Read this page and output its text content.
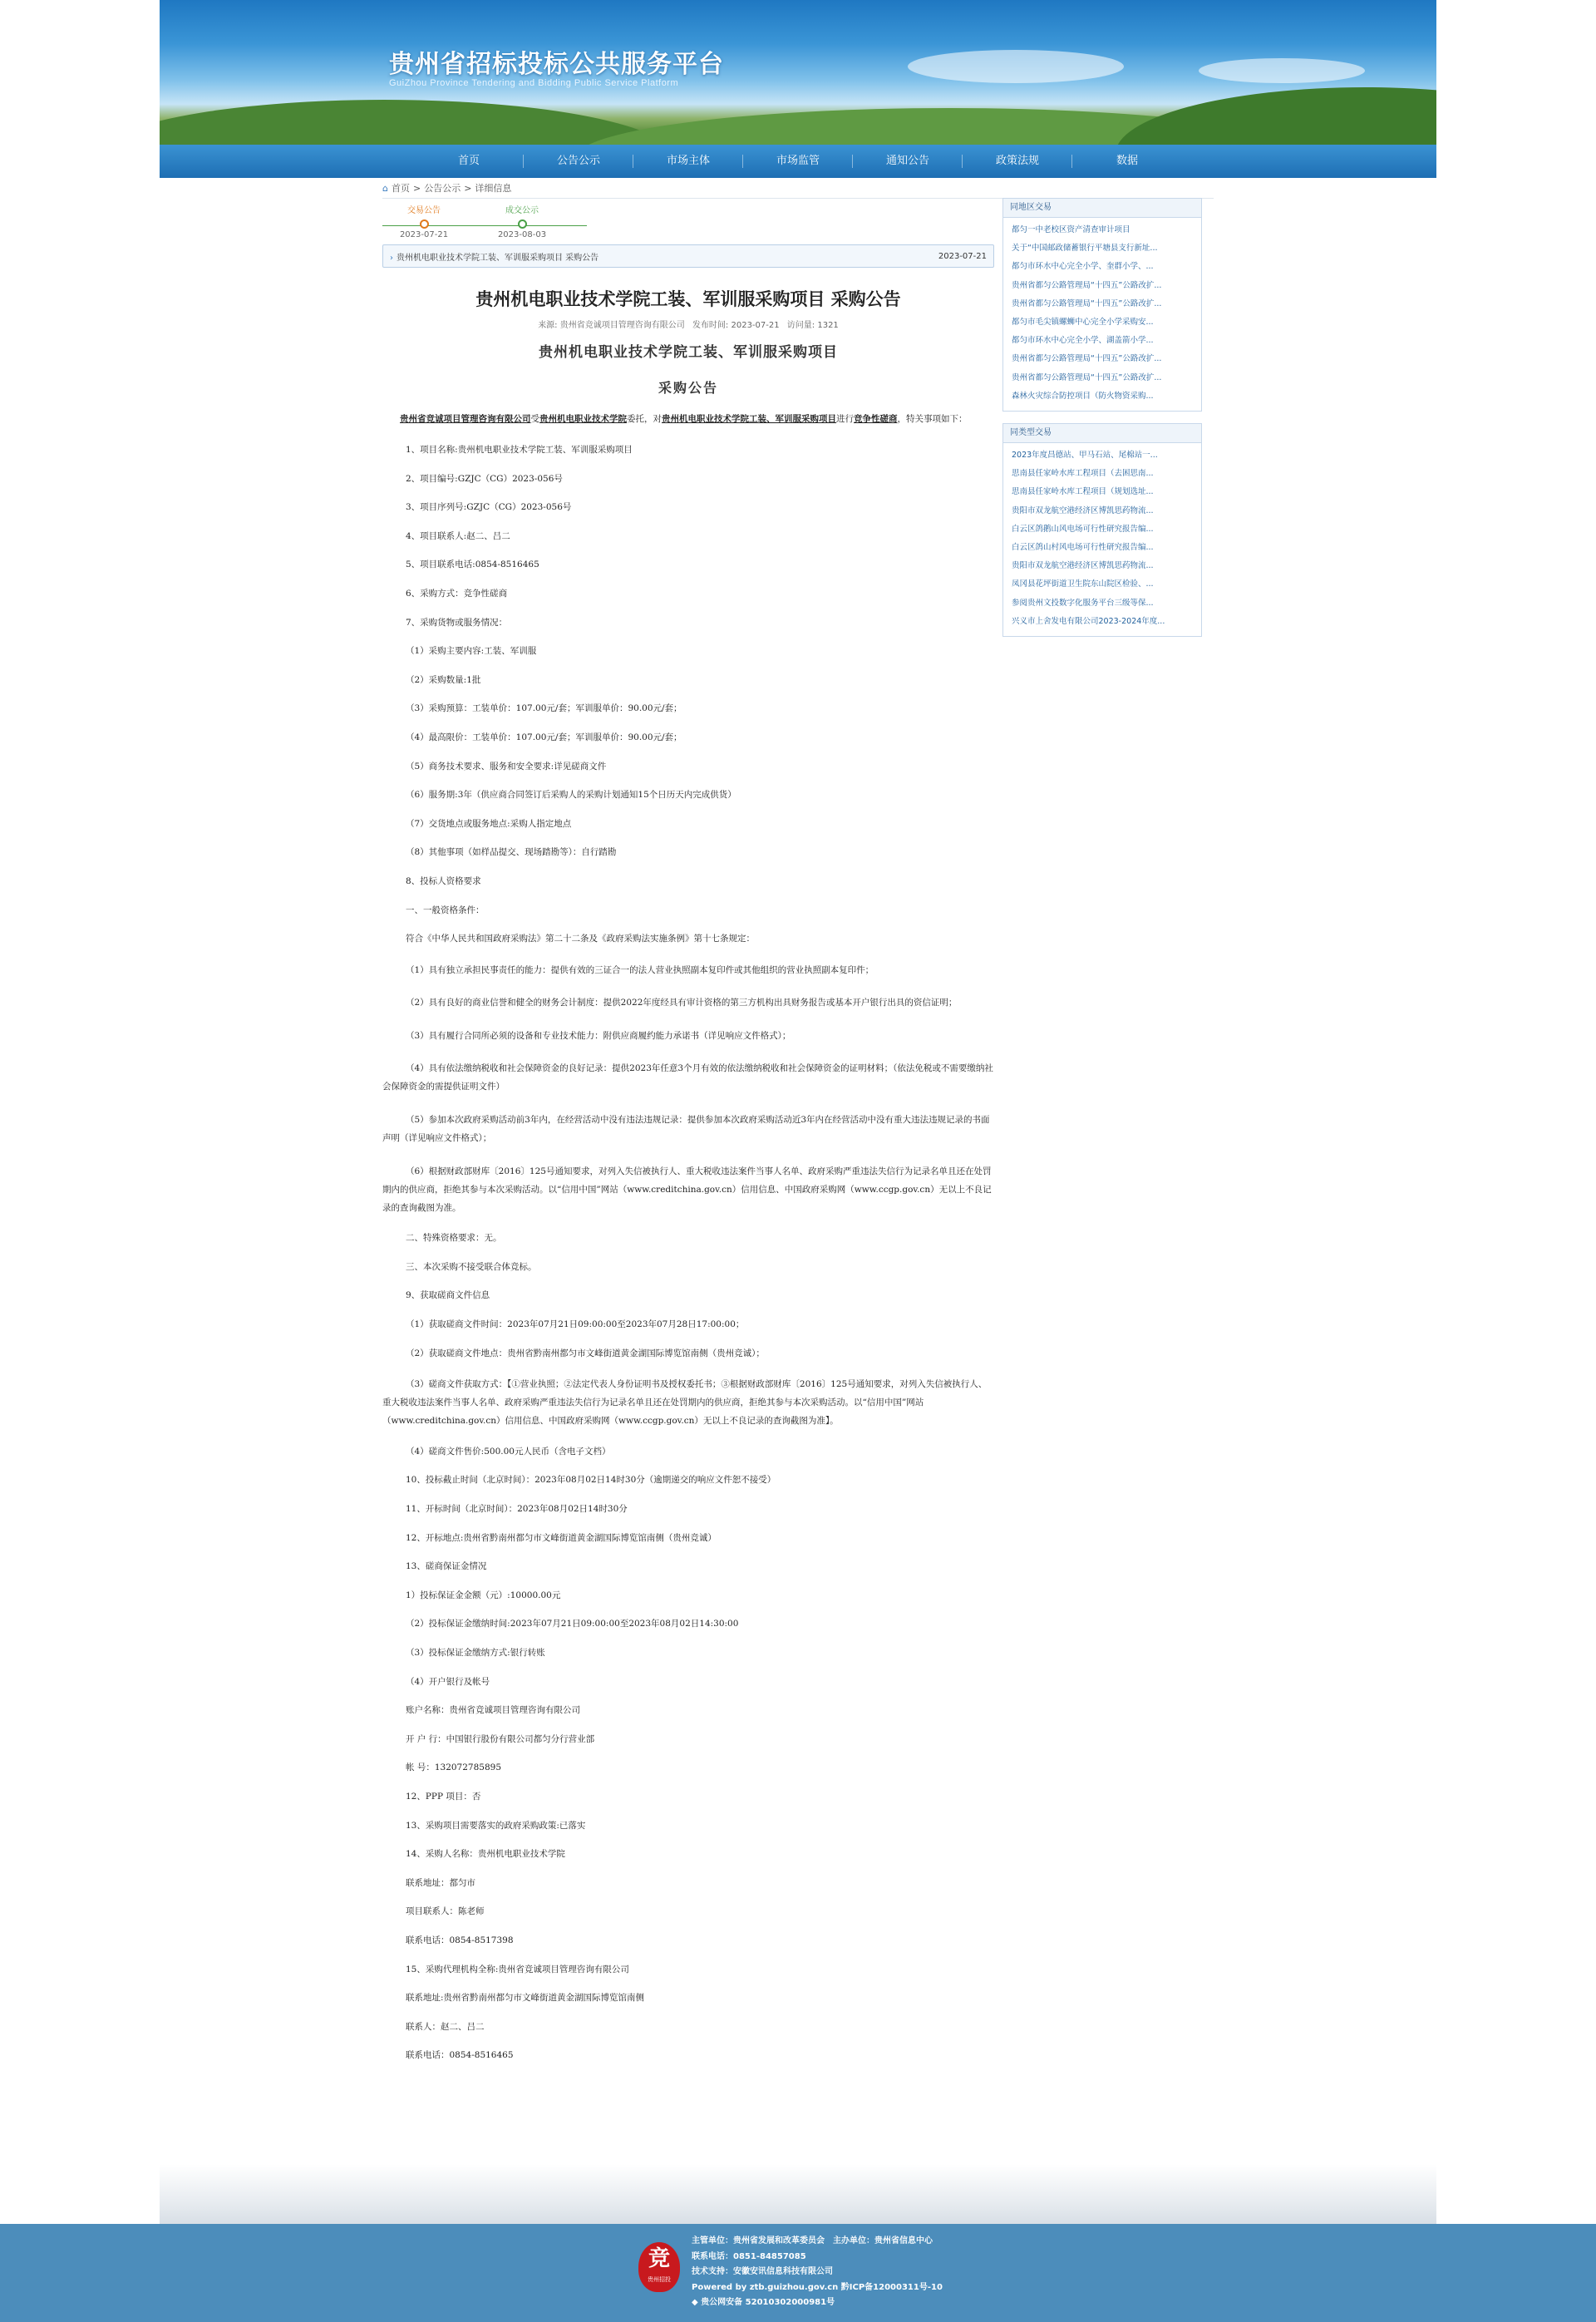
贵州省招标投标公共服务平台
GuiZhou Province Tendering and Bidding Public Service Platform
首页	公告公示	市场主体	市场监管	通知公告	政策法规	数据
⌂ 首页 > 公告公示 > 详细信息
交易公告
2023-07-21
成交公示
2023-08-03
› 贵州机电职业技术学院工装、军训服采购项目 采购公告	2023-07-21
贵州机电职业技术学院工装、军训服采购项目 采购公告
来源: 贵州省竞诚项目管理咨询有限公司 发布时间: 2023-07-21 访问量: 1321
贵州机电职业技术学院工装、军训服采购项目
采购公告

贵州省竞诚项目管理咨询有限公司受贵州机电职业技术学院委托，对贵州机电职业技术学院工装、军训服采购项目进行竞争性磋商，特关事项如下：

1、项目名称:贵州机电职业技术学院工装、军训服采购项目
2、项目编号:GZJC（CG）2023-056号
3、项目序列号:GZJC（CG）2023-056号
4、项目联系人:赵二、吕二
5、项目联系电话:0854-8516465
6、采购方式：竞争性磋商
7、采购货物或服务情况：
（1）采购主要内容:工装、军训服
（2）采购数量:1批
（3）采购预算：工装单价：107.00元/套；军训服单价：90.00元/套；
（4）最高限价：工装单价：107.00元/套；军训服单价：90.00元/套；
（5）商务技术要求、服务和安全要求:详见磋商文件
（6）服务期:3年（供应商合同签订后采购人的采购计划通知15个日历天内完成供货）
（7）交货地点或服务地点:采购人指定地点
（8）其他事项（如样品提交、现场踏勘等）：自行踏勘
8、投标人资格要求
一、一般资格条件：
符合《中华人民共和国政府采购法》第二十二条及《政府采购法实施条例》第十七条规定：
（1）具有独立承担民事责任的能力：提供有效的三证合一的法人营业执照副本复印件或其他组织的营业执照副本复印件；
（2）具有良好的商业信誉和健全的财务会计制度：提供2022年度经具有审计资格的第三方机构出具财务报告或基本开户银行出具的资信证明；
（3）具有履行合同所必须的设备和专业技术能力：附供应商履约能力承诺书（详见响应文件格式）；
（4）具有依法缴纳税收和社会保障资金的良好记录：提供2023年任意3个月有效的依法缴纳税收和社会保障资金的证明材料；（依法免税或不需要缴纳社会保障资金的需提供证明文件）
（5）参加本次政府采购活动前3年内，在经营活动中没有违法违规记录：提供参加本次政府采购活动近3年内在经营活动中没有重大违法违规记录的书面声明（详见响应文件格式）；
（6）根据财政部财库〔2016〕125号通知要求，对列入失信被执行人、重大税收违法案件当事人名单、政府采购严重违法失信行为记录名单且还在处罚期内的供应商，拒绝其参与本次采购活动。以“信用中国”网站（www.creditchina.gov.cn）信用信息、中国政府采购网（www.ccgp.gov.cn）无以上不良记录的查询截图为准。
二、特殊资格要求：无。
三、本次采购不接受联合体竞标。
9、获取磋商文件信息
（1）获取磋商文件时间：2023年07月21日09:00:00至2023年07月28日17:00:00；
（2）获取磋商文件地点：贵州省黔南州都匀市文峰街道黄金湖国际博览馆南侧（贵州竞诚）；
（3）磋商文件获取方式：【①营业执照；②法定代表人身份证明书及授权委托书；③根据财政部财库〔2016〕125号通知要求，对列入失信被执行人、重大税收违法案件当事人名单、政府采购严重违法失信行为记录名单且还在处罚期内的供应商，拒绝其参与本次采购活动。以“信用中国”网站（www.creditchina.gov.cn）信用信息、中国政府采购网（www.ccgp.gov.cn）无以上不良记录的查询截图为准】。
（4）磋商文件售价:500.00元人民币（含电子文档）
10、投标截止时间（北京时间）：2023年08月02日14时30分（逾期递交的响应文件恕不接受）
11、开标时间（北京时间）：2023年08月02日14时30分
12、开标地点:贵州省黔南州都匀市文峰街道黄金湖国际博览馆南侧（贵州竞诚）
13、磋商保证金情况
1）投标保证金金额（元）:10000.00元
（2）投标保证金缴纳时间:2023年07月21日09:00:00至2023年08月02日14:30:00
（3）投标保证金缴纳方式:银行转账
（4）开户银行及帐号
账户名称：贵州省竞诚项目管理咨询有限公司
开 户 行：中国银行股份有限公司都匀分行营业部
帐 号：132072785895
12、PPP 项目：否
13、采购项目需要落实的政府采购政策:已落实
14、采购人名称：贵州机电职业技术学院
联系地址：都匀市
项目联系人：陈老师
联系电话：0854-8517398
15、采购代理机构全称:贵州省竞诚项目管理咨询有限公司
联系地址:贵州省黔南州都匀市文峰街道黄金湖国际博览馆南侧
联系人：赵二、吕二
联系电话：0854-8516465
同地区交易
都匀一中老校区资产清查审计项目
关于“中国邮政储蓄银行平塘县支行新址...
都匀市环水中心完全小学、奎群小学、...
贵州省都匀公路管理局“十四五”公路改扩...
贵州省都匀公路管理局“十四五”公路改扩...
都匀市毛尖镇螺蛳中心完全小学采购安...
都匀市环水中心完全小学、湖盖箭小学...
贵州省都匀公路管理局“十四五”公路改扩...
贵州省都匀公路管理局“十四五”公路改扩...
森林火灾综合防控项目（防火物资采购...
同类型交易
2023年度昌德站、甲马石站、尾棉站一...
思南县任家岭水库工程项目（去困思南...
思南县任家岭水库工程项目（规划选址...
贵阳市双龙航空港经济区博凯思药物流...
白云区鸽鹅山风电场可行性研究报告编...
白云区鸽山村风电场可行性研究报告编...
贵阳市双龙航空港经济区博凯思药物流...
凤冈县花坪街道卫生院东山院区检验、...
参阅贵州文投数字化服务平台三级等保...
兴义市上舍发电有限公司2023-2024年度...
竞
贵州招投
主管单位：贵州省发展和改革委员会　主办单位：贵州省信息中心
联系电话：0851-84857085
技术支持：安徽安讯信息科技有限公司
Powered by ztb.guizhou.gov.cn 黔ICP备12000311号-10
◆ 贵公网安备 52010302000981号
